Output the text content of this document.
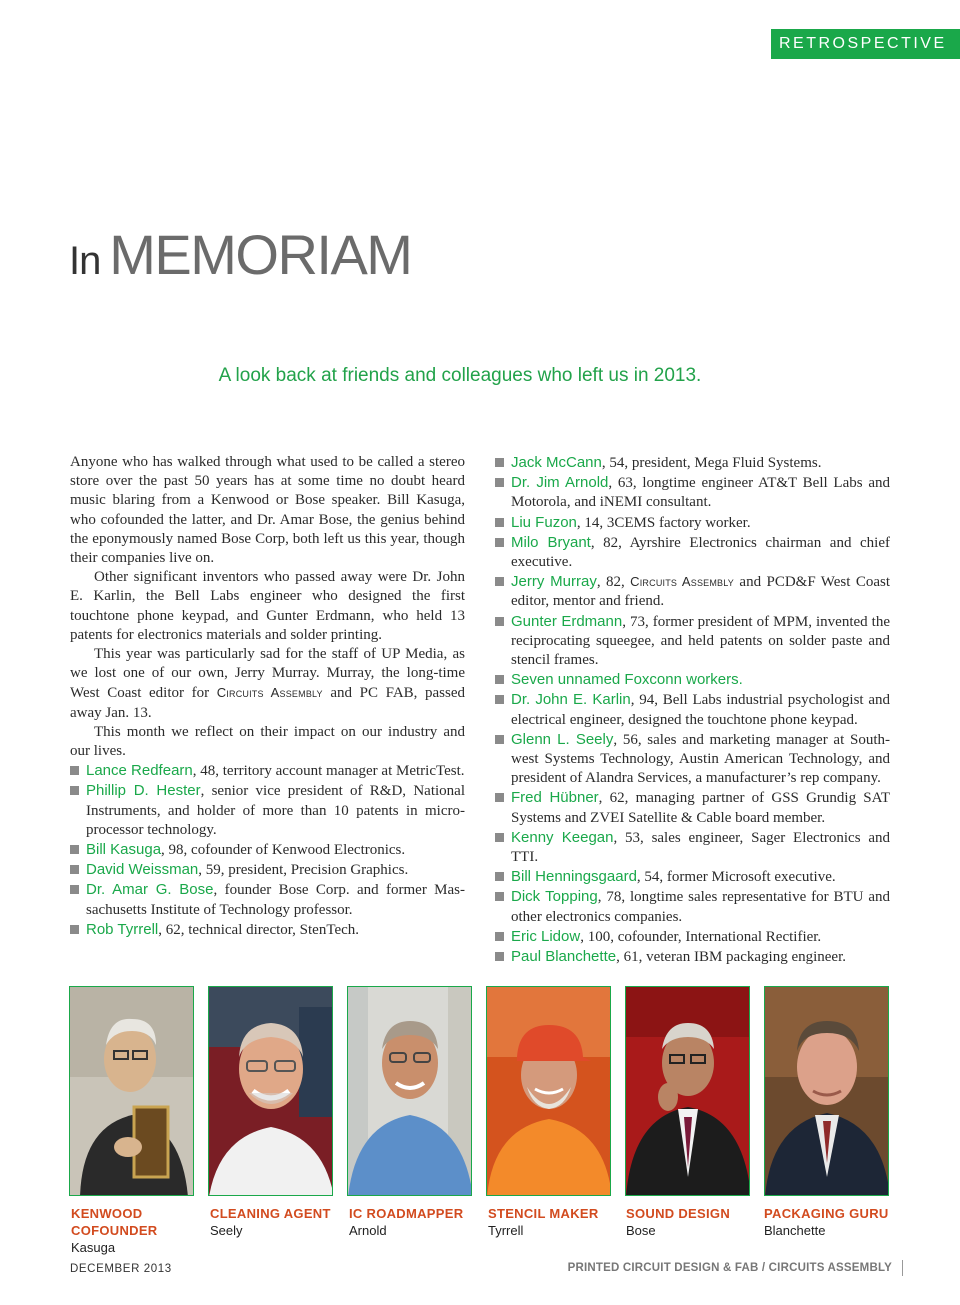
RETROSPECTIVE
In MEMORIAM

A look back at friends and colleagues who left us in 2013.

Anyone who has walked through what used to be called a stereo store over the past 50 years has at some time no doubt heard music blaring from a Kenwood or Bose speaker. Bill Kasuga, who cofounded the latter, and Dr. Amar Bose, the genius behind the eponymously named Bose Corp, both left us this year, though their companies live on.

Other significant inventors who passed away were Dr. John E. Karlin, the Bell Labs engineer who designed the first touchtone phone keypad, and Gunter Erdmann, who held 13 patents for electronics materials and solder printing.

This year was particularly sad for the staff of UP Media, as we lost one of our own, Jerry Murray. Murray, the long-time West Coast editor for Circuits Assembly and PC FAB, passed away Jan. 13.

This month we reflect on their impact on our industry and our lives.

Lance Redfearn, 48, territory account manager at MetricTest.
Phillip D. Hester, senior vice president of R&D, National Instruments, and holder of more than 10 patents in micro-processor technology.
Bill Kasuga, 98, cofounder of Kenwood Electronics.
David Weissman, 59, president, Precision Graphics.
Dr. Amar G. Bose, founder Bose Corp. and former Mas-sachusetts Institute of Technology professor.
Rob Tyrrell, 62, technical director, StenTech.
Jack McCann, 54, president, Mega Fluid Systems.
Dr. Jim Arnold, 63, longtime engineer AT&T Bell Labs and Motorola, and iNEMI consultant.
Liu Fuzon, 14, 3CEMS factory worker.
Milo Bryant, 82, Ayrshire Electronics chairman and chief executive.
Jerry Murray, 82, Circuits Assembly and PCD&F West Coast editor, mentor and friend.
Gunter Erdmann, 73, former president of MPM, invented the reciprocating squeegee, and held patents on solder paste and stencil frames.
Seven unnamed Foxconn workers.
Dr. John E. Karlin, 94, Bell Labs industrial psychologist and electrical engineer, designed the touchtone phone keypad.
Glenn L. Seely, 56, sales and marketing manager at South-west Systems Technology, Austin American Technology, and president of Alandra Services, a manufacturer’s rep company.
Fred Hübner, 62, managing partner of GSS Grundig SAT Systems and ZVEI Satellite & Cable board member.
Kenny Keegan, 53, sales engineer, Sager Electronics and TTI.
Bill Henningsgaard, 54, former Microsoft executive.
Dick Topping, 78, longtime sales representative for BTU and other electronics companies.
Eric Lidow, 100, cofounder, International Rectifier.
Paul Blanchette, 61, veteran IBM packaging engineer.
KENWOOD
COFOUNDER Kasuga
CLEANING AGENT
Seely
IC ROADMAPPER
Arnold
STENCIL MAKER
Tyrrell
SOUND DESIGN
Bose
PACKAGING GURU
Blanchette
DECEMBER 2013	PRINTED CIRCUIT DESIGN & FAB / CIRCUITS ASSEMBLY
